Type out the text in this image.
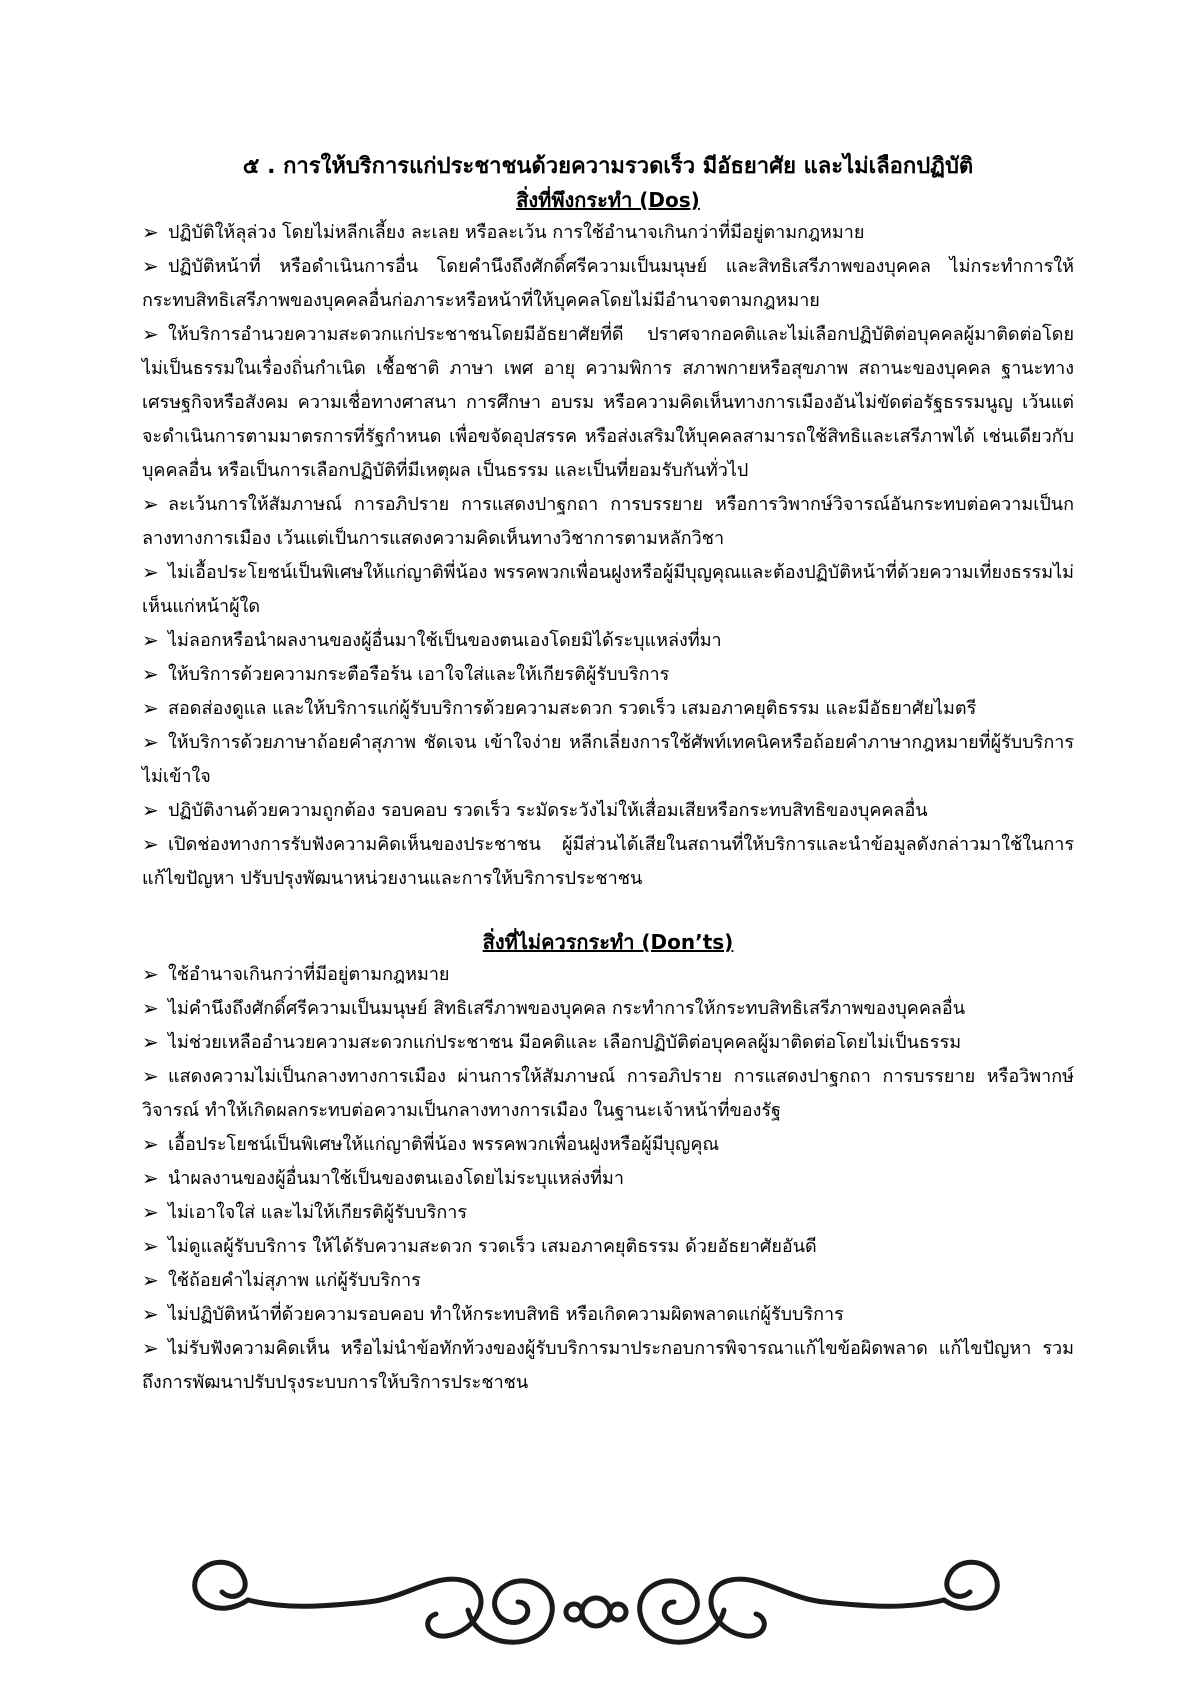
๕ . การให้บริการแก่ประชาชนด้วยความรวดเร็ว มีอัธยาศัย และไม่เลือกปฏิบัติ
สิ่งที่พึงกระทำ (Dos)
➢ ปฏิบัติให้ลุล่วง โดยไม่หลีกเลี้ยง ละเลย หรือละเว้น การใช้อำนาจเกินกว่าที่มีอยู่ตามกฎหมาย
➢ ปฏิบัติหน้าที่ หรือดำเนินการอื่น โดยคำนึงถึงศักดิ์ศรีความเป็นมนุษย์ และสิทธิเสรีภาพของบุคคล ไม่กระทำการให้กระทบสิทธิเสรีภาพของบุคคลอื่นก่อภาระหรือหน้าที่ให้บุคคลโดยไม่มีอำนาจตามกฎหมาย
➢ ให้บริการอำนวยความสะดวกแก่ประชาชนโดยมีอัธยาศัยที่ดี ปราศจากอคติและไม่เลือกปฏิบัติต่อบุคคลผู้มาติดต่อโดยไม่เป็นธรรมในเรื่องถิ่นกำเนิด เชื้อชาติ ภาษา เพศ อายุ ความพิการ สภาพกายหรือสุขภาพ สถานะของบุคคล ฐานะทางเศรษฐกิจหรือสังคม ความเชื่อทางศาสนา การศึกษา อบรม หรือความคิดเห็นทางการเมืองอันไม่ขัดต่อรัฐธรรมนูญ เว้นแต่จะดำเนินการตามมาตรการที่รัฐกำหนด เพื่อขจัดอุปสรรค หรือส่งเสริมให้บุคคลสามารถใช้สิทธิและเสรีภาพได้ เช่นเดียวกับบุคคลอื่น หรือเป็นการเลือกปฏิบัติที่มีเหตุผล เป็นธรรม และเป็นที่ยอมรับกันทั่วไป
➢ ละเว้นการให้สัมภาษณ์ การอภิปราย การแสดงปาฐกถา การบรรยาย หรือการวิพากษ์วิจารณ์อันกระทบต่อความเป็นกลางทางการเมือง เว้นแต่เป็นการแสดงความคิดเห็นทางวิชาการตามหลักวิชา
➢ ไม่เอื้อประโยชน์เป็นพิเศษให้แก่ญาติพี่น้อง พรรคพวกเพื่อนฝูงหรือผู้มีบุญคุณและต้องปฏิบัติหน้าที่ด้วยความเที่ยงธรรมไม่เห็นแก่หน้าผู้ใด
➢ ไม่ลอกหรือนำผลงานของผู้อื่นมาใช้เป็นของตนเองโดยมิได้ระบุแหล่งที่มา
➢ ให้บริการด้วยความกระตือรือร้น เอาใจใส่และให้เกียรติผู้รับบริการ
➢ สอดส่องดูแล และให้บริการแก่ผู้รับบริการด้วยความสะดวก รวดเร็ว เสมอภาคยุติธรรม และมีอัธยาศัยไมตรี
➢ ให้บริการด้วยภาษาถ้อยคำสุภาพ ชัดเจน เข้าใจง่าย หลีกเลี่ยงการใช้ศัพท์เทคนิคหรือถ้อยคำภาษากฎหมายที่ผู้รับบริการไม่เข้าใจ
➢ ปฏิบัติงานด้วยความถูกต้อง รอบคอบ รวดเร็ว ระมัดระวังไม่ให้เสื่อมเสียหรือกระทบสิทธิของบุคคลอื่น
➢ เปิดช่องทางการรับฟังความคิดเห็นของประชาชน ผู้มีส่วนได้เสียในสถานที่ให้บริการและนำข้อมูลดังกล่าวมาใช้ในการแก้ไขปัญหา ปรับปรุงพัฒนาหน่วยงานและการให้บริการประชาชน
สิ่งที่ไม่ควรกระทำ (Don’ts)
➢ ใช้อำนาจเกินกว่าที่มีอยู่ตามกฎหมาย
➢ ไม่คำนึงถึงศักดิ์ศรีความเป็นมนุษย์ สิทธิเสรีภาพของบุคคล กระทำการให้กระทบสิทธิเสรีภาพของบุคคลอื่น
➢ ไม่ช่วยเหลืออำนวยความสะดวกแก่ประชาชน มีอคติและ เลือกปฏิบัติต่อบุคคลผู้มาติดต่อโดยไม่เป็นธรรม
➢ แสดงความไม่เป็นกลางทางการเมือง ผ่านการให้สัมภาษณ์ การอภิปราย การแสดงปาฐกถา การบรรยาย หรือวิพากษ์วิจารณ์ ทำให้เกิดผลกระทบต่อความเป็นกลางทางการเมือง ในฐานะเจ้าหน้าที่ของรัฐ
➢ เอื้อประโยชน์เป็นพิเศษให้แก่ญาติพี่น้อง พรรคพวกเพื่อนฝูงหรือผู้มีบุญคุณ
➢ นำผลงานของผู้อื่นมาใช้เป็นของตนเองโดยไม่ระบุแหล่งที่มา
➢ ไม่เอาใจใส่ และไม่ให้เกียรติผู้รับบริการ
➢ ไม่ดูแลผู้รับบริการ ให้ได้รับความสะดวก รวดเร็ว เสมอภาคยุติธรรม ด้วยอัธยาศัยอันดี
➢ ใช้ถ้อยคำไม่สุภาพ แก่ผู้รับบริการ
➢ ไม่ปฏิบัติหน้าที่ด้วยความรอบคอบ ทำให้กระทบสิทธิ หรือเกิดความผิดพลาดแก่ผู้รับบริการ
➢ ไม่รับฟังความคิดเห็น หรือไม่นำข้อทักท้วงของผู้รับบริการมาประกอบการพิจารณาแก้ไขข้อผิดพลาด แก้ไขปัญหา รวมถึงการพัฒนาปรับปรุงระบบการให้บริการประชาชน
